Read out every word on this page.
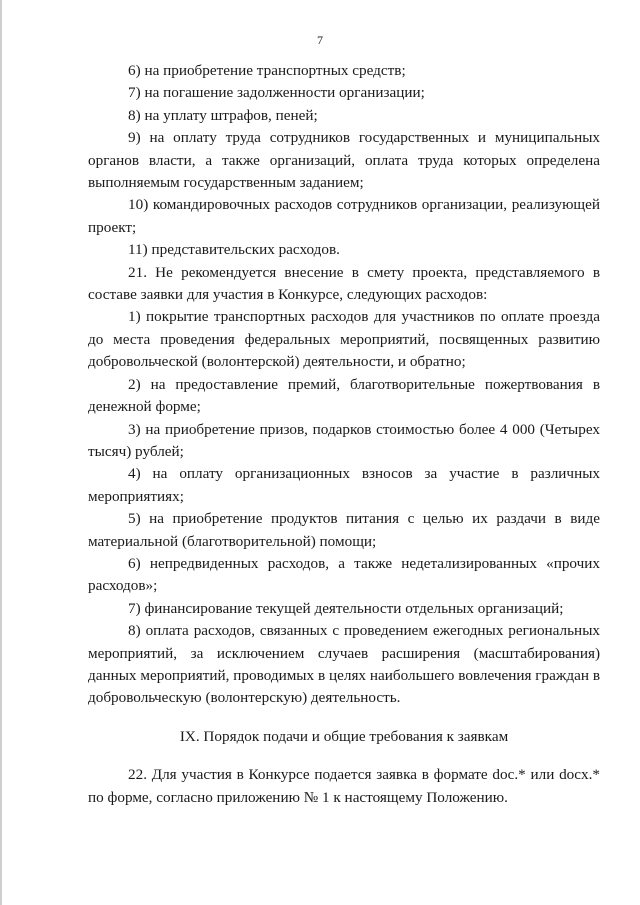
7

6) на приобретение транспортных средств;

7) на погашение задолженности организации;

8) на уплату штрафов, пеней;

9) на оплату труда сотрудников государственных и муниципальных органов власти, а также организаций, оплата труда которых определена выполняемым государственным заданием;

10) командировочных расходов сотрудников организации, реализующей проект;

11) представительских расходов.

21. Не рекомендуется внесение в смету проекта, представляемого в составе заявки для участия в Конкурсе, следующих расходов:

1) покрытие транспортных расходов для участников по оплате проезда до места проведения федеральных мероприятий, посвященных развитию добровольческой (волонтерской) деятельности, и обратно;

2) на предоставление премий, благотворительные пожертвования в денежной форме;

3) на приобретение призов, подарков стоимостью более 4 000 (Четырех тысяч) рублей;

4) на оплату организационных взносов за участие в различных мероприятиях;

5) на приобретение продуктов питания с целью их раздачи в виде материальной (благотворительной) помощи;

6) непредвиденных расходов, а также недетализированных «прочих расходов»;

7) финансирование текущей деятельности отдельных организаций;

8) оплата расходов, связанных с проведением ежегодных региональных мероприятий, за исключением случаев расширения (масштабирования) данных мероприятий, проводимых в целях наибольшего вовлечения граждан в добровольческую (волонтерскую) деятельность.

IX. Порядок подачи и общие требования к заявкам

22. Для участия в Конкурсе подается заявка в формате doc.* или docx.* по форме, согласно приложению № 1 к настоящему Положению.
